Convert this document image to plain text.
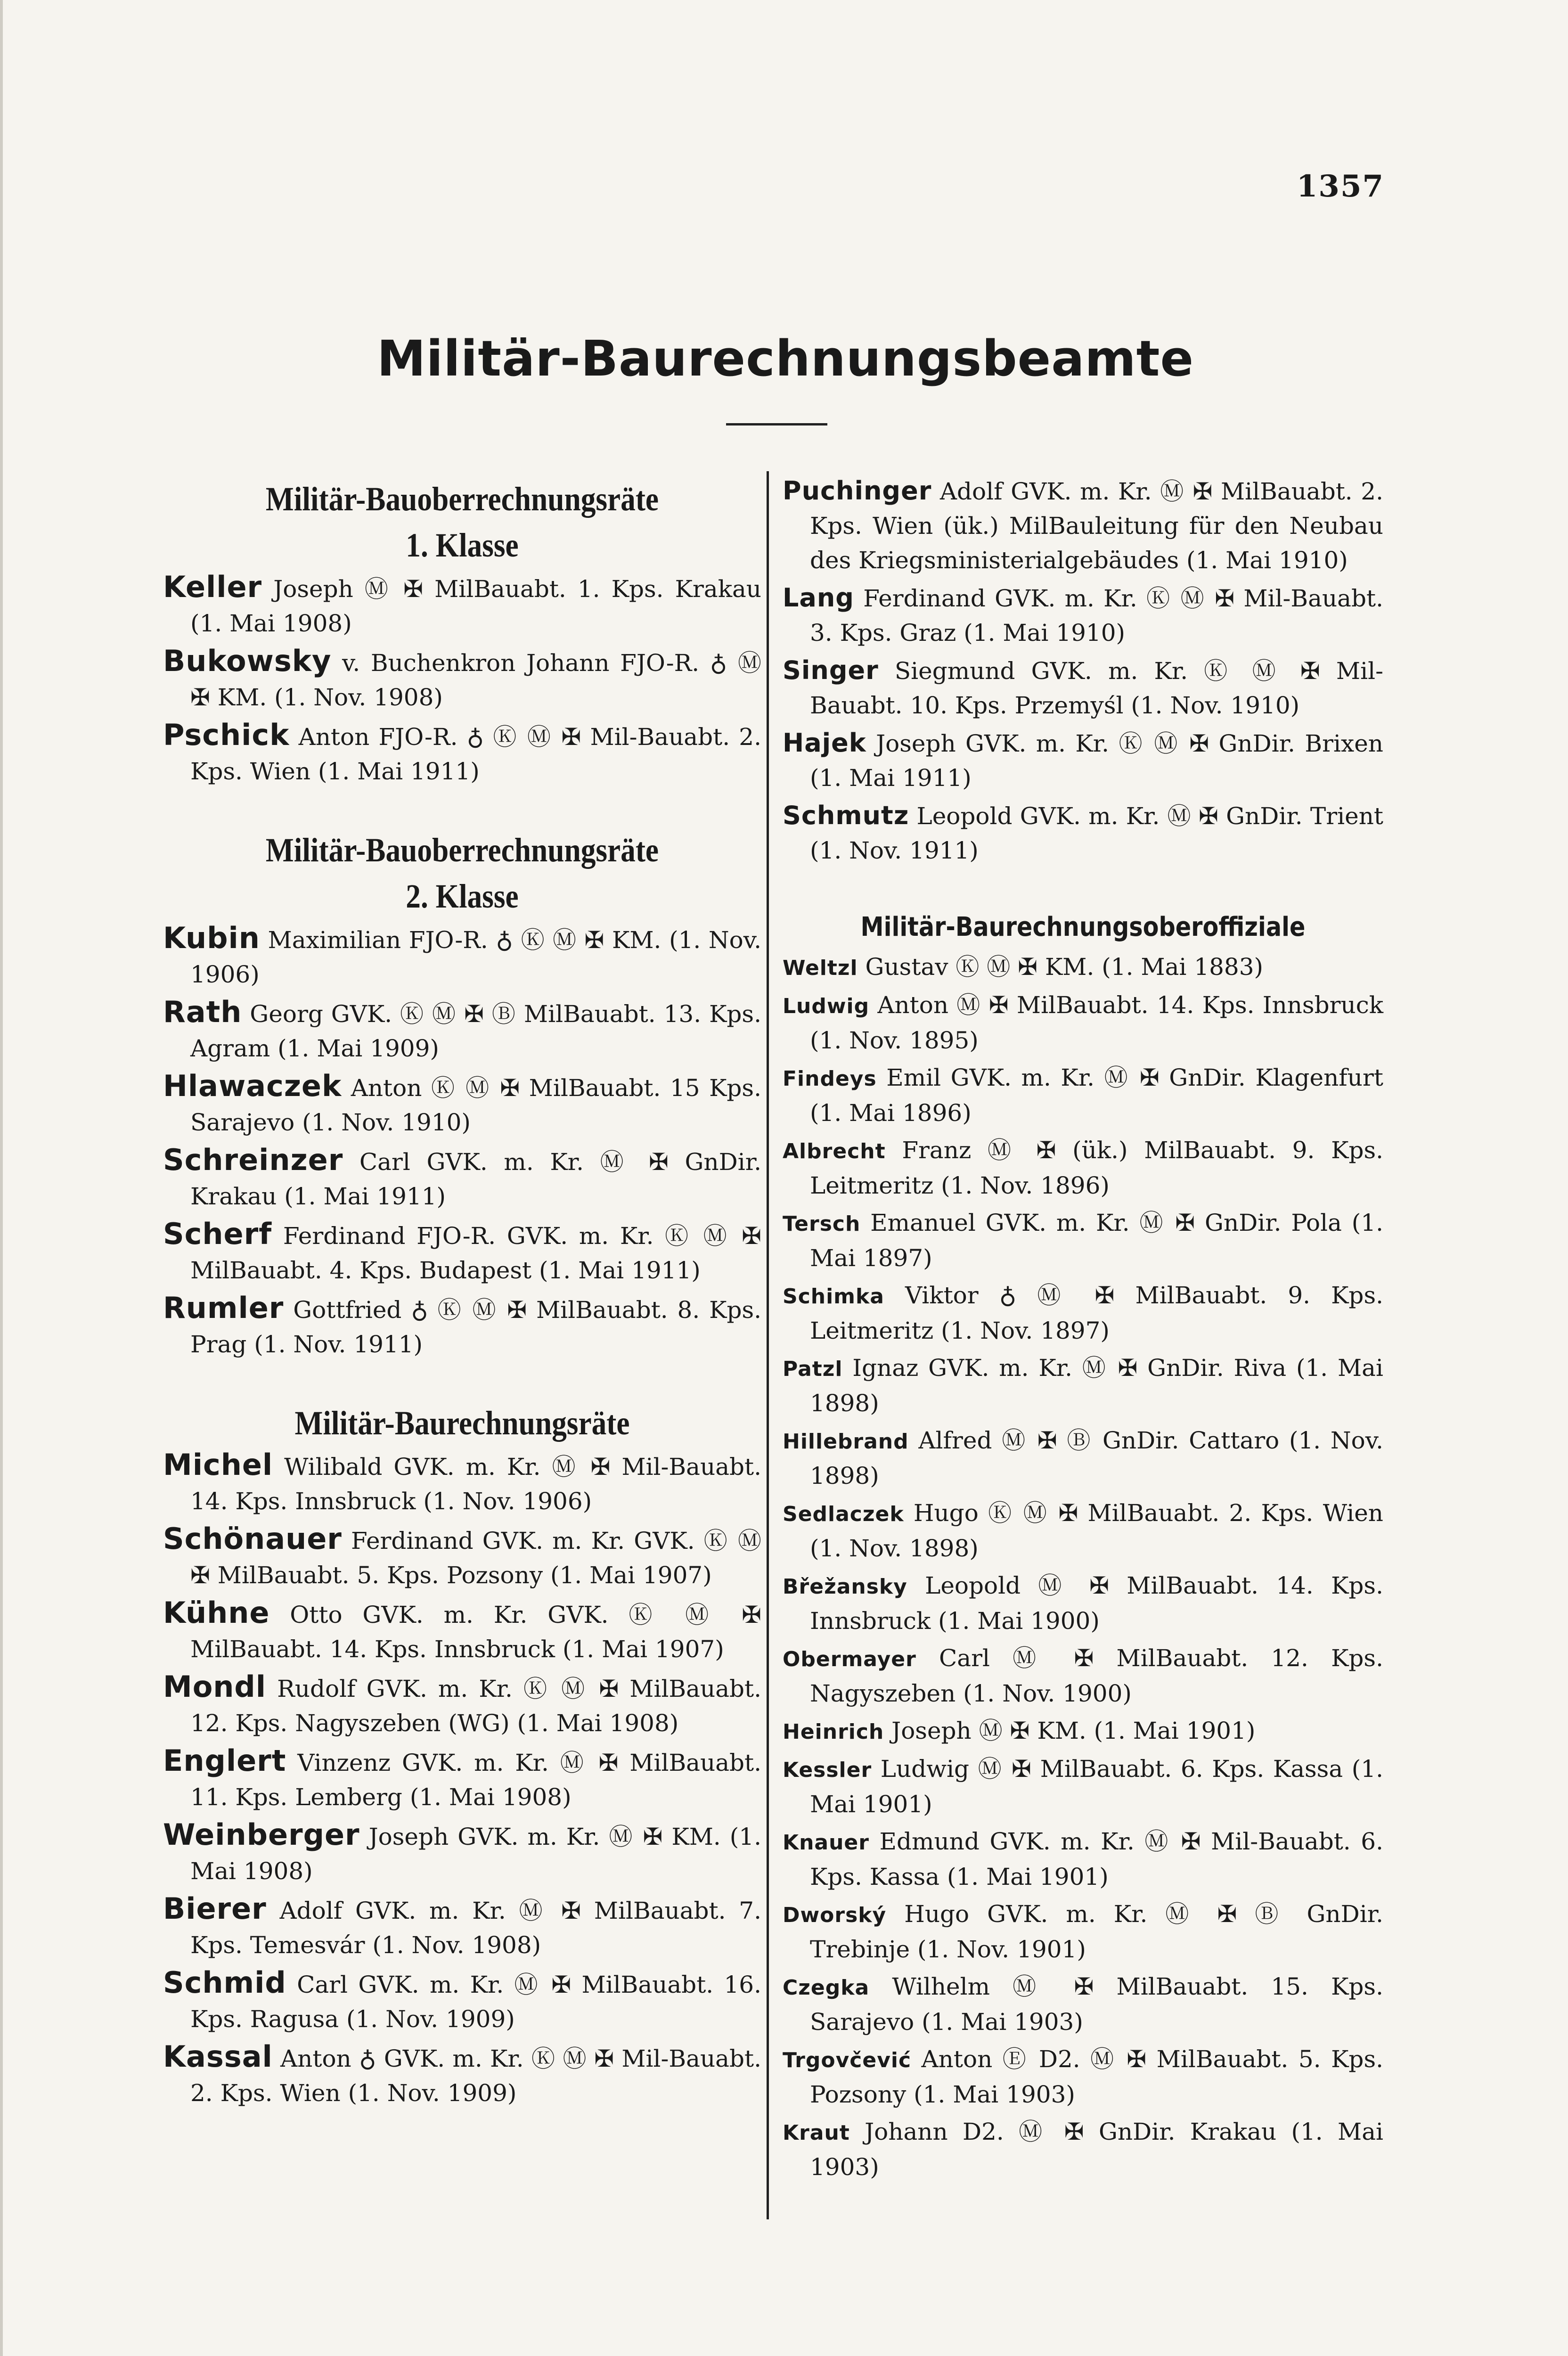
1357
Militär-Baurechnungsbeamte
Militär-Bauoberrechnungsräte
1. Klasse
Keller Joseph Ⓜ ✠ MilBauabt. 1. Kps. Krakau (1. Mai 1908)
Bukowsky v. Buchenkron Johann FJO-R. ♁ Ⓜ ✠ KM. (1. Nov. 1908)
Pschick Anton FJO-R. ♁ Ⓚ Ⓜ ✠ Mil-Bauabt. 2. Kps. Wien (1. Mai 1911)
Militär-Bauoberrechnungsräte
2. Klasse
Kubin Maximilian FJO-R. ♁ Ⓚ Ⓜ ✠ KM. (1. Nov. 1906)
Rath Georg GVK. Ⓚ Ⓜ ✠ Ⓑ MilBauabt. 13. Kps. Agram (1. Mai 1909)
Hlawaczek Anton Ⓚ Ⓜ ✠ MilBauabt. 15 Kps. Sarajevo (1. Nov. 1910)
Schreinzer Carl GVK. m. Kr. Ⓜ ✠ GnDir. Krakau (1. Mai 1911)
Scherf Ferdinand FJO-R. GVK. m. Kr. Ⓚ Ⓜ ✠ MilBauabt. 4. Kps. Budapest (1. Mai 1911)
Rumler Gottfried ♁ Ⓚ Ⓜ ✠ MilBauabt. 8. Kps. Prag (1. Nov. 1911)
Militär-Baurechnungsräte
Michel Wilibald GVK. m. Kr. Ⓜ ✠ Mil-Bauabt. 14. Kps. Innsbruck (1. Nov. 1906)
Schönauer Ferdinand GVK. m. Kr. GVK. Ⓚ Ⓜ ✠ MilBauabt. 5. Kps. Pozsony (1. Mai 1907)
Kühne Otto GVK. m. Kr. GVK. Ⓚ Ⓜ ✠ MilBauabt. 14. Kps. Innsbruck (1. Mai 1907)
Mondl Rudolf GVK. m. Kr. Ⓚ Ⓜ ✠ MilBauabt. 12. Kps. Nagyszeben (WG) (1. Mai 1908)
Englert Vinzenz GVK. m. Kr. Ⓜ ✠ MilBauabt. 11. Kps. Lemberg (1. Mai 1908)
Weinberger Joseph GVK. m. Kr. Ⓜ ✠ KM. (1. Mai 1908)
Bierer Adolf GVK. m. Kr. Ⓜ ✠ MilBauabt. 7. Kps. Temesvár (1. Nov. 1908)
Schmid Carl GVK. m. Kr. Ⓜ ✠ MilBauabt. 16. Kps. Ragusa (1. Nov. 1909)
Kassal Anton ♁ GVK. m. Kr. Ⓚ Ⓜ ✠ Mil-Bauabt. 2. Kps. Wien (1. Nov. 1909)
Puchinger Adolf GVK. m. Kr. Ⓜ ✠ MilBauabt. 2. Kps. Wien (ük.) MilBauleitung für den Neubau des Kriegsministerialgebäudes (1. Mai 1910)
Lang Ferdinand GVK. m. Kr. Ⓚ Ⓜ ✠ Mil-Bauabt. 3. Kps. Graz (1. Mai 1910)
Singer Siegmund GVK. m. Kr. Ⓚ Ⓜ ✠ Mil-Bauabt. 10. Kps. Przemyśl (1. Nov. 1910)
Hajek Joseph GVK. m. Kr. Ⓚ Ⓜ ✠ GnDir. Brixen (1. Mai 1911)
Schmutz Leopold GVK. m. Kr. Ⓜ ✠ GnDir. Trient (1. Nov. 1911)
Militär-Baurechnungsoberoffiziale
Weltzl Gustav Ⓚ Ⓜ ✠ KM. (1. Mai 1883)
Ludwig Anton Ⓜ ✠ MilBauabt. 14. Kps. Innsbruck (1. Nov. 1895)
Findeys Emil GVK. m. Kr. Ⓜ ✠ GnDir. Klagenfurt (1. Mai 1896)
Albrecht Franz Ⓜ ✠ (ük.) MilBauabt. 9. Kps. Leitmeritz (1. Nov. 1896)
Tersch Emanuel GVK. m. Kr. Ⓜ ✠ GnDir. Pola (1. Mai 1897)
Schimka Viktor ♁ Ⓜ ✠ MilBauabt. 9. Kps. Leitmeritz (1. Nov. 1897)
Patzl Ignaz GVK. m. Kr. Ⓜ ✠ GnDir. Riva (1. Mai 1898)
Hillebrand Alfred Ⓜ ✠ Ⓑ GnDir. Cattaro (1. Nov. 1898)
Sedlaczek Hugo Ⓚ Ⓜ ✠ MilBauabt. 2. Kps. Wien (1. Nov. 1898)
Břežansky Leopold Ⓜ ✠ MilBauabt. 14. Kps. Innsbruck (1. Mai 1900)
Obermayer Carl Ⓜ ✠ MilBauabt. 12. Kps. Nagyszeben (1. Nov. 1900)
Heinrich Joseph Ⓜ ✠ KM. (1. Mai 1901)
Kessler Ludwig Ⓜ ✠ MilBauabt. 6. Kps. Kassa (1. Mai 1901)
Knauer Edmund GVK. m. Kr. Ⓜ ✠ Mil-Bauabt. 6. Kps. Kassa (1. Mai 1901)
Dworský Hugo GVK. m. Kr. Ⓜ ✠ Ⓑ GnDir. Trebinje (1. Nov. 1901)
Czegka Wilhelm Ⓜ ✠ MilBauabt. 15. Kps. Sarajevo (1. Mai 1903)
Trgovčević Anton Ⓔ D2. Ⓜ ✠ MilBauabt. 5. Kps. Pozsony (1. Mai 1903)
Kraut Johann D2. Ⓜ ✠ GnDir. Krakau (1. Mai 1903)
